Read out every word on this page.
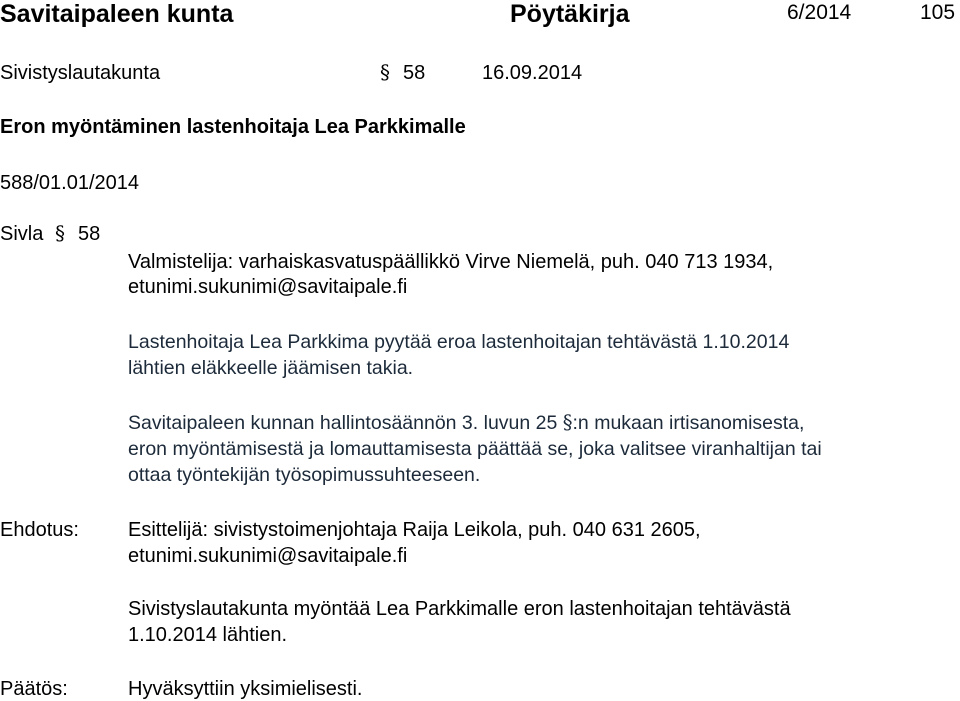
Savitaipaleen kunta	Pöytäkirja	6/2014	105
Sivistyslautakunta	§ 58	16.09.2014
Eron myöntäminen lastenhoitaja Lea Parkkimalle
588/01.01/2014
Sivla § 58
Valmistelija: varhaiskasvatuspäällikkö Virve Niemelä, puh. 040 713 1934,
etunimi.sukunimi@savitaipale.fi
Lastenhoitaja Lea Parkkima pyytää eroa lastenhoitajan tehtävästä 1.10.2014
lähtien eläkkeelle jäämisen takia.
Savitaipaleen kunnan hallintosäännön 3. luvun 25 §:n mukaan irtisanomisesta,
eron myöntämisestä ja lomauttamisesta päättää se, joka valitsee viranhaltijan tai
ottaa työntekijän työsopimussuhteeseen.
Ehdotus: Esittelijä: sivistystoimenjohtaja Raija Leikola, puh. 040 631 2605,
etunimi.sukunimi@savitaipale.fi
Sivistyslautakunta myöntää Lea Parkkimalle eron lastenhoitajan tehtävästä
1.10.2014 lähtien.
Päätös:	Hyväksyttiin yksimielisesti.
